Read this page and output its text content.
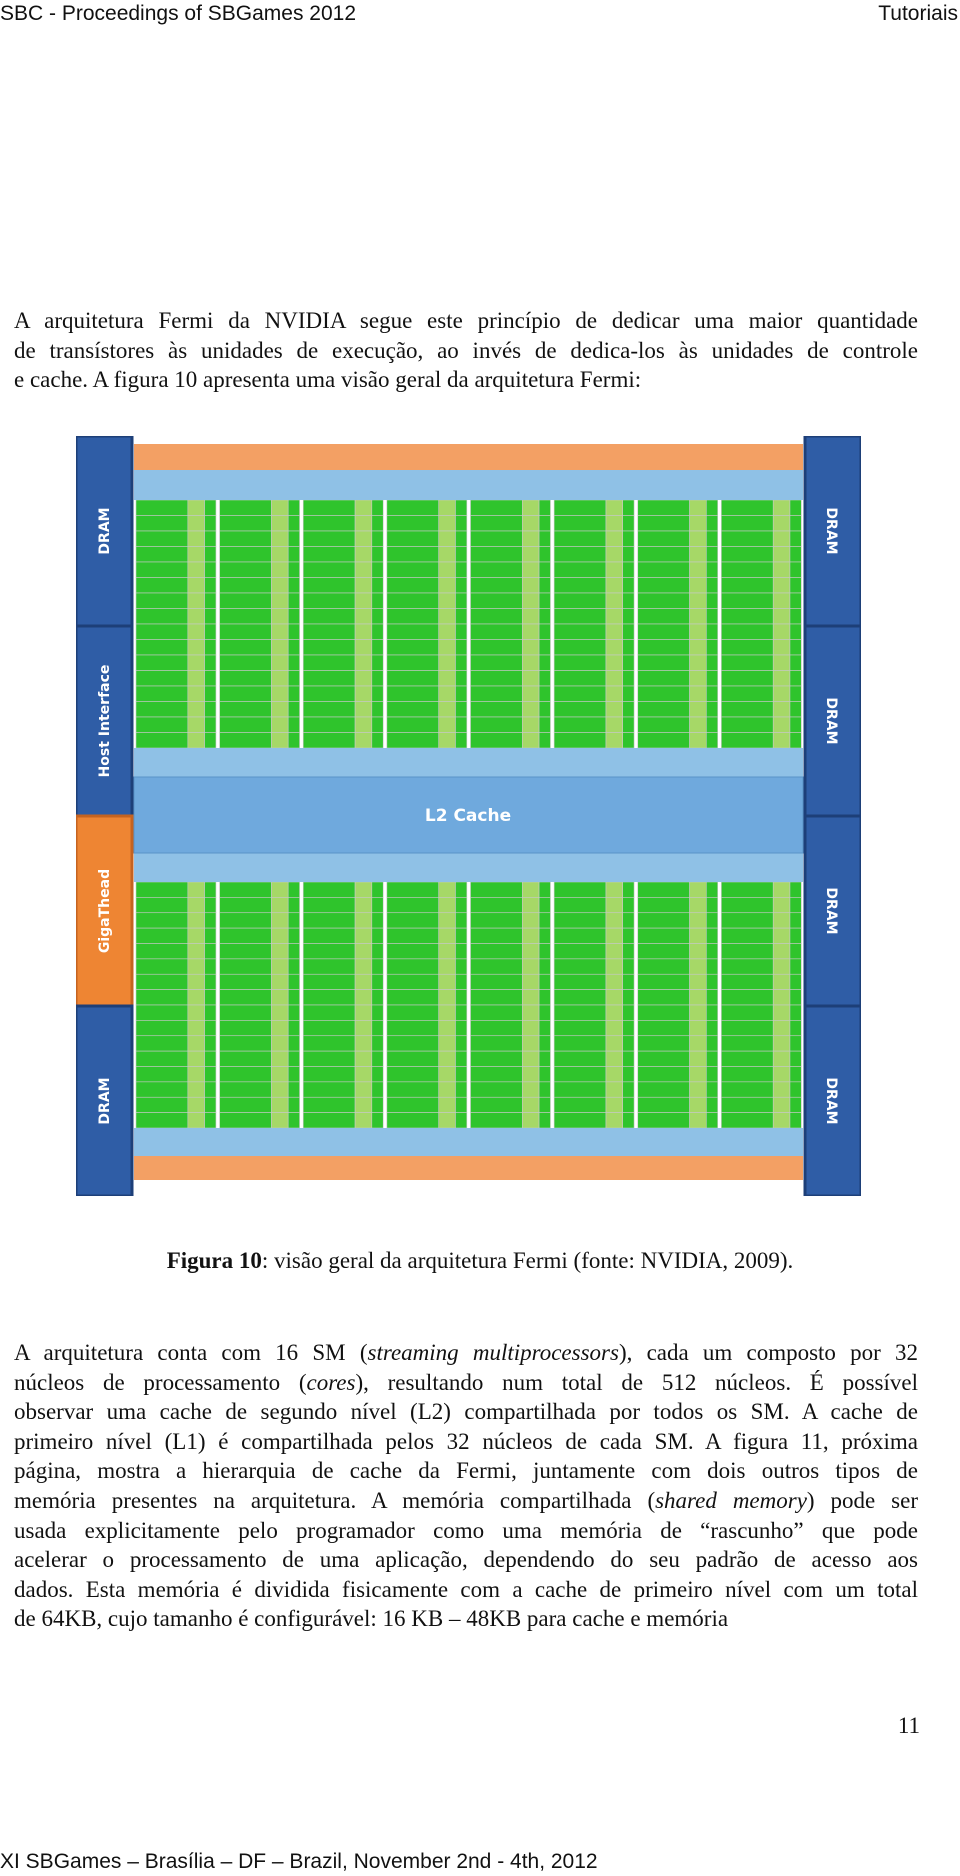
SBC - Proceedings of SBGames 2012	Tutoriais

A arquitetura Fermi da NVIDIA segue este princípio de dedicar uma maior quantidade
de transístores às unidades de execução, ao invés de dedica-los às unidades de controle
e cache. A figura 10 apresenta uma visão geral da arquitetura Fermi:

DRAM
Host Interface
GigaThead
DRAM
DRAM
DRAM
DRAM
DRAM
L2 Cache
Figura 10: visão geral da arquitetura Fermi (fonte: NVIDIA, 2009).

A arquitetura conta com 16 SM (streaming multiprocessors), cada um composto por 32
núcleos de processamento (cores), resultando num total de 512 núcleos. É possível
observar uma cache de segundo nível (L2) compartilhada por todos os SM. A cache de
primeiro nível (L1) é compartilhada pelos 32 núcleos de cada SM. A figura 11, próxima
página, mostra a hierarquia de cache da Fermi, juntamente com dois outros tipos de
memória presentes na arquitetura. A memória compartilhada (shared memory) pode ser
usada explicitamente pelo programador como uma memória de “rascunho” que pode
acelerar o processamento de uma aplicação, dependendo do seu padrão de acesso aos
dados. Esta memória é dividida fisicamente com a cache de primeiro nível com um total
de 64KB, cujo tamanho é configurável: 16 KB – 48KB para cache e memória

11
XI SBGames – Brasília – DF – Brazil, November 2nd - 4th, 2012
